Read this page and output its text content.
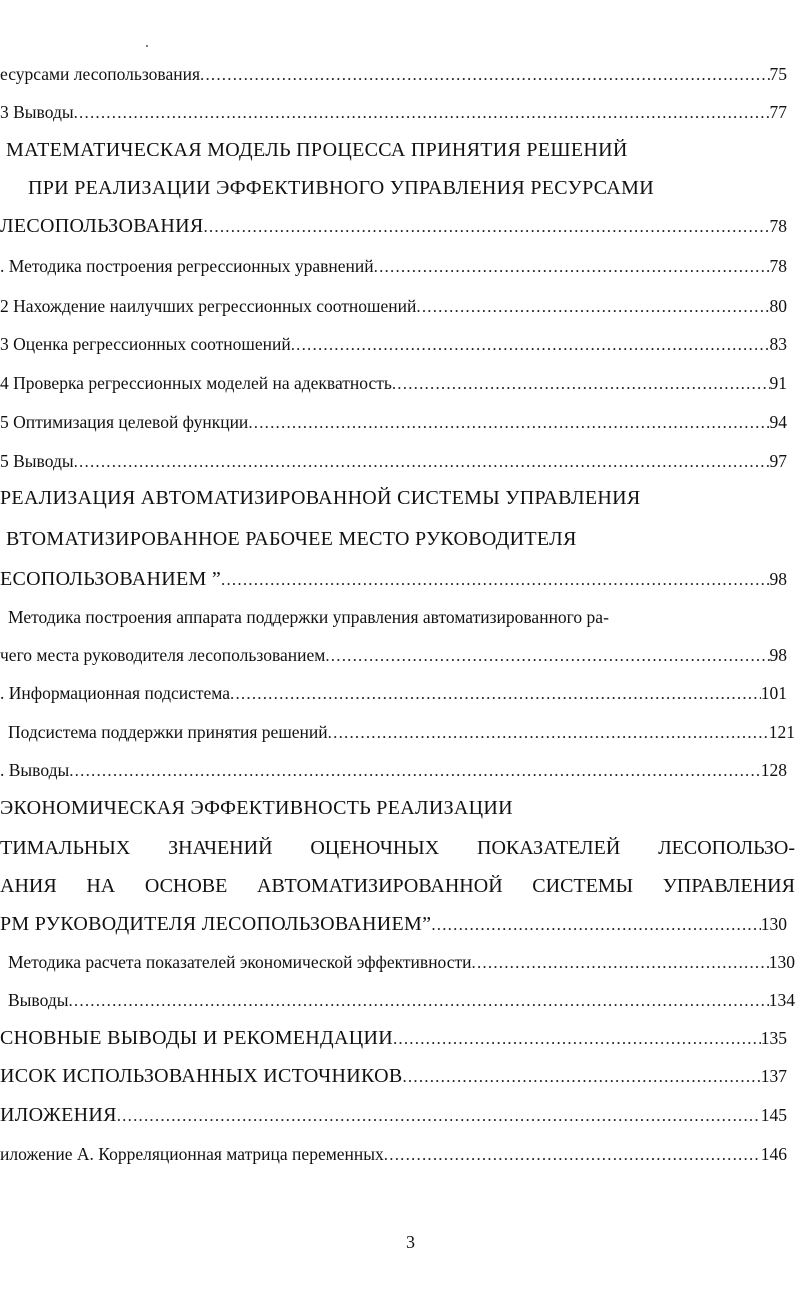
есурсами лесопользования .....	75
3 Выводы .....	77
МАТЕМАТИЧЕСКАЯ МОДЕЛЬ ПРОЦЕССА ПРИНЯТИЯ РЕШЕНИЙ
ПРИ РЕАЛИЗАЦИИ ЭФФЕКТИВНОГО УПРАВЛЕНИЯ РЕСУРСАМИ
ЛЕСОПОЛЬЗОВАНИЯ .....	78
. Методика построения регрессионных уравнений .....	78
2 Нахождение наилучших регрессионных соотношений .....	80
3 Оценка регрессионных соотношений .....	83
4 Проверка регрессионных моделей на адекватность .....	91
5 Оптимизация целевой функции .....	94
5 Выводы .....	97
РЕАЛИЗАЦИЯ АВТОМАТИЗИРОВАННОЙ СИСТЕМЫ УПРАВЛЕНИЯ
ВТОМАТИЗИРОВАННОЕ РАБОЧЕЕ МЕСТО РУКОВОДИТЕЛЯ
ЕСОПОЛЬЗОВАНИЕМ ” .....	98
Методика построения аппарата поддержки управления автоматизированного ра-
чего места руководителя лесопользованием .....	98
. Информационная подсистема .....	101
Подсистема поддержки принятия решений .....	121
. Выводы .....	128
ЭКОНОМИЧЕСКАЯ ЭФФЕКТИВНОСТЬ РЕАЛИЗАЦИИ
ТИМАЛЬНЫХ ЗНАЧЕНИЙ ОЦЕНОЧНЫХ ПОКАЗАТЕЛЕЙ ЛЕСОПОЛЬЗО-
АНИЯ НА ОСНОВЕ АВТОМАТИЗИРОВАННОЙ СИСТЕМЫ УПРАВЛЕНИЯ
РМ РУКОВОДИТЕЛЯ ЛЕСОПОЛЬЗОВАНИЕМ” .....	130
Методика расчета показателей экономической эффективности .....	130
Выводы .....	134
СНОВНЫЕ ВЫВОДЫ И РЕКОМЕНДАЦИИ .....	135
ИСОК ИСПОЛЬЗОВАННЫХ ИСТОЧНИКОВ .....	137
ИЛОЖЕНИЯ .....	145
иложение А. Корреляционная матрица переменных .....	146
3
